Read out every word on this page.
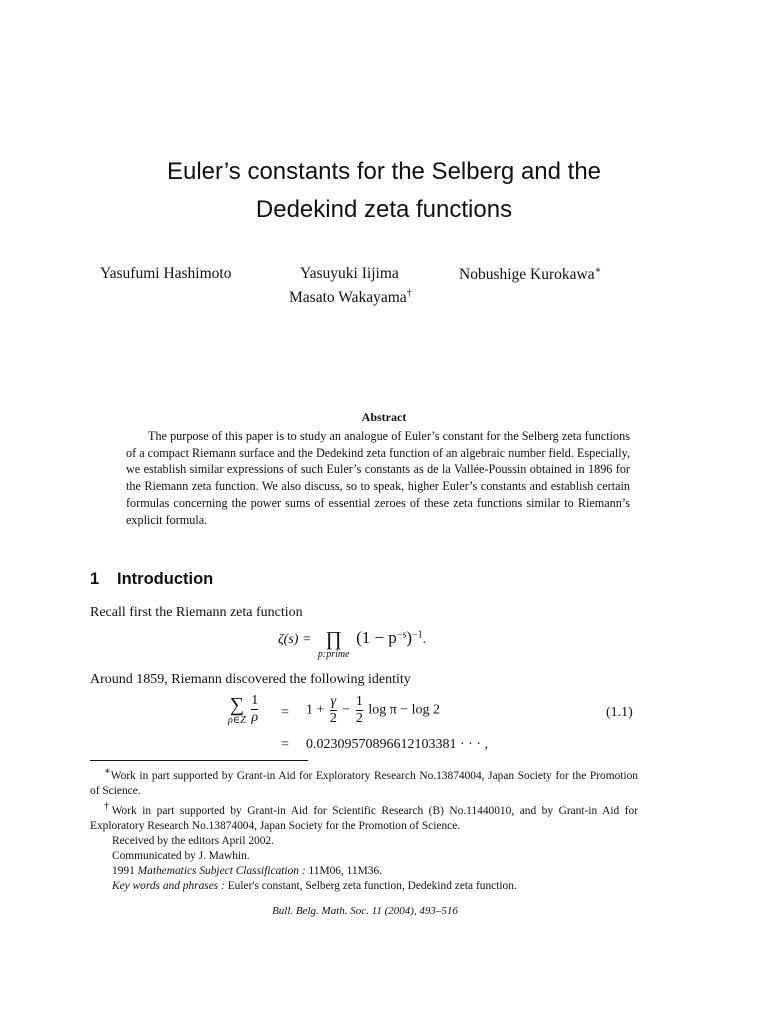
Euler’s constants for the Selberg and the
Dedekind zeta functions
Yasufumi Hashimoto	Yasuyuki Iijima	Nobushige Kurokawa∗
Masato Wakayama†
Abstract
The purpose of this paper is to study an analogue of Euler’s constant for the Selberg zeta functions of a compact Riemann surface and the Dedekind zeta function of an algebraic number field. Especially, we establish similar expressions of such Euler’s constants as de la Vallée-Poussin obtained in 1896 for the Riemann zeta function. We also discuss, so to speak, higher Euler’s constants and establish certain formulas concerning the power sums of essential zeroes of these zeta functions similar to Riemann’s explicit formula.
1 Introduction
Recall first the Riemann zeta function
ζ(s) = ∏
p:prime
$(1 - p^{-s})^{-1}$.
Around 1859, Riemann discovered the following identity
∑
ρ∈Z
$\frac{1}{\rho} = 1 + \frac{\gamma}{2} - \frac{1}{2}$ log π − log 2	(1.1)
= 0.02309570896612103381 · · · ,

∗Work in part supported by Grant-in Aid for Exploratory Research No.13874004, Japan Society for the Promotion of Science.

†Work in part supported by Grant-in Aid for Scientific Research (B) No.11440010, and by Grant-in Aid for Exploratory Research No.13874004, Japan Society for the Promotion of Science.

Received by the editors April 2002.

Communicated by J. Mawhin.

1991 Mathematics Subject Classification : 11M06, 11M36.

Key words and phrases : Euler's constant, Selberg zeta function, Dedekind zeta function.

Bull. Belg. Math. Soc. 11 (2004), 493–516
